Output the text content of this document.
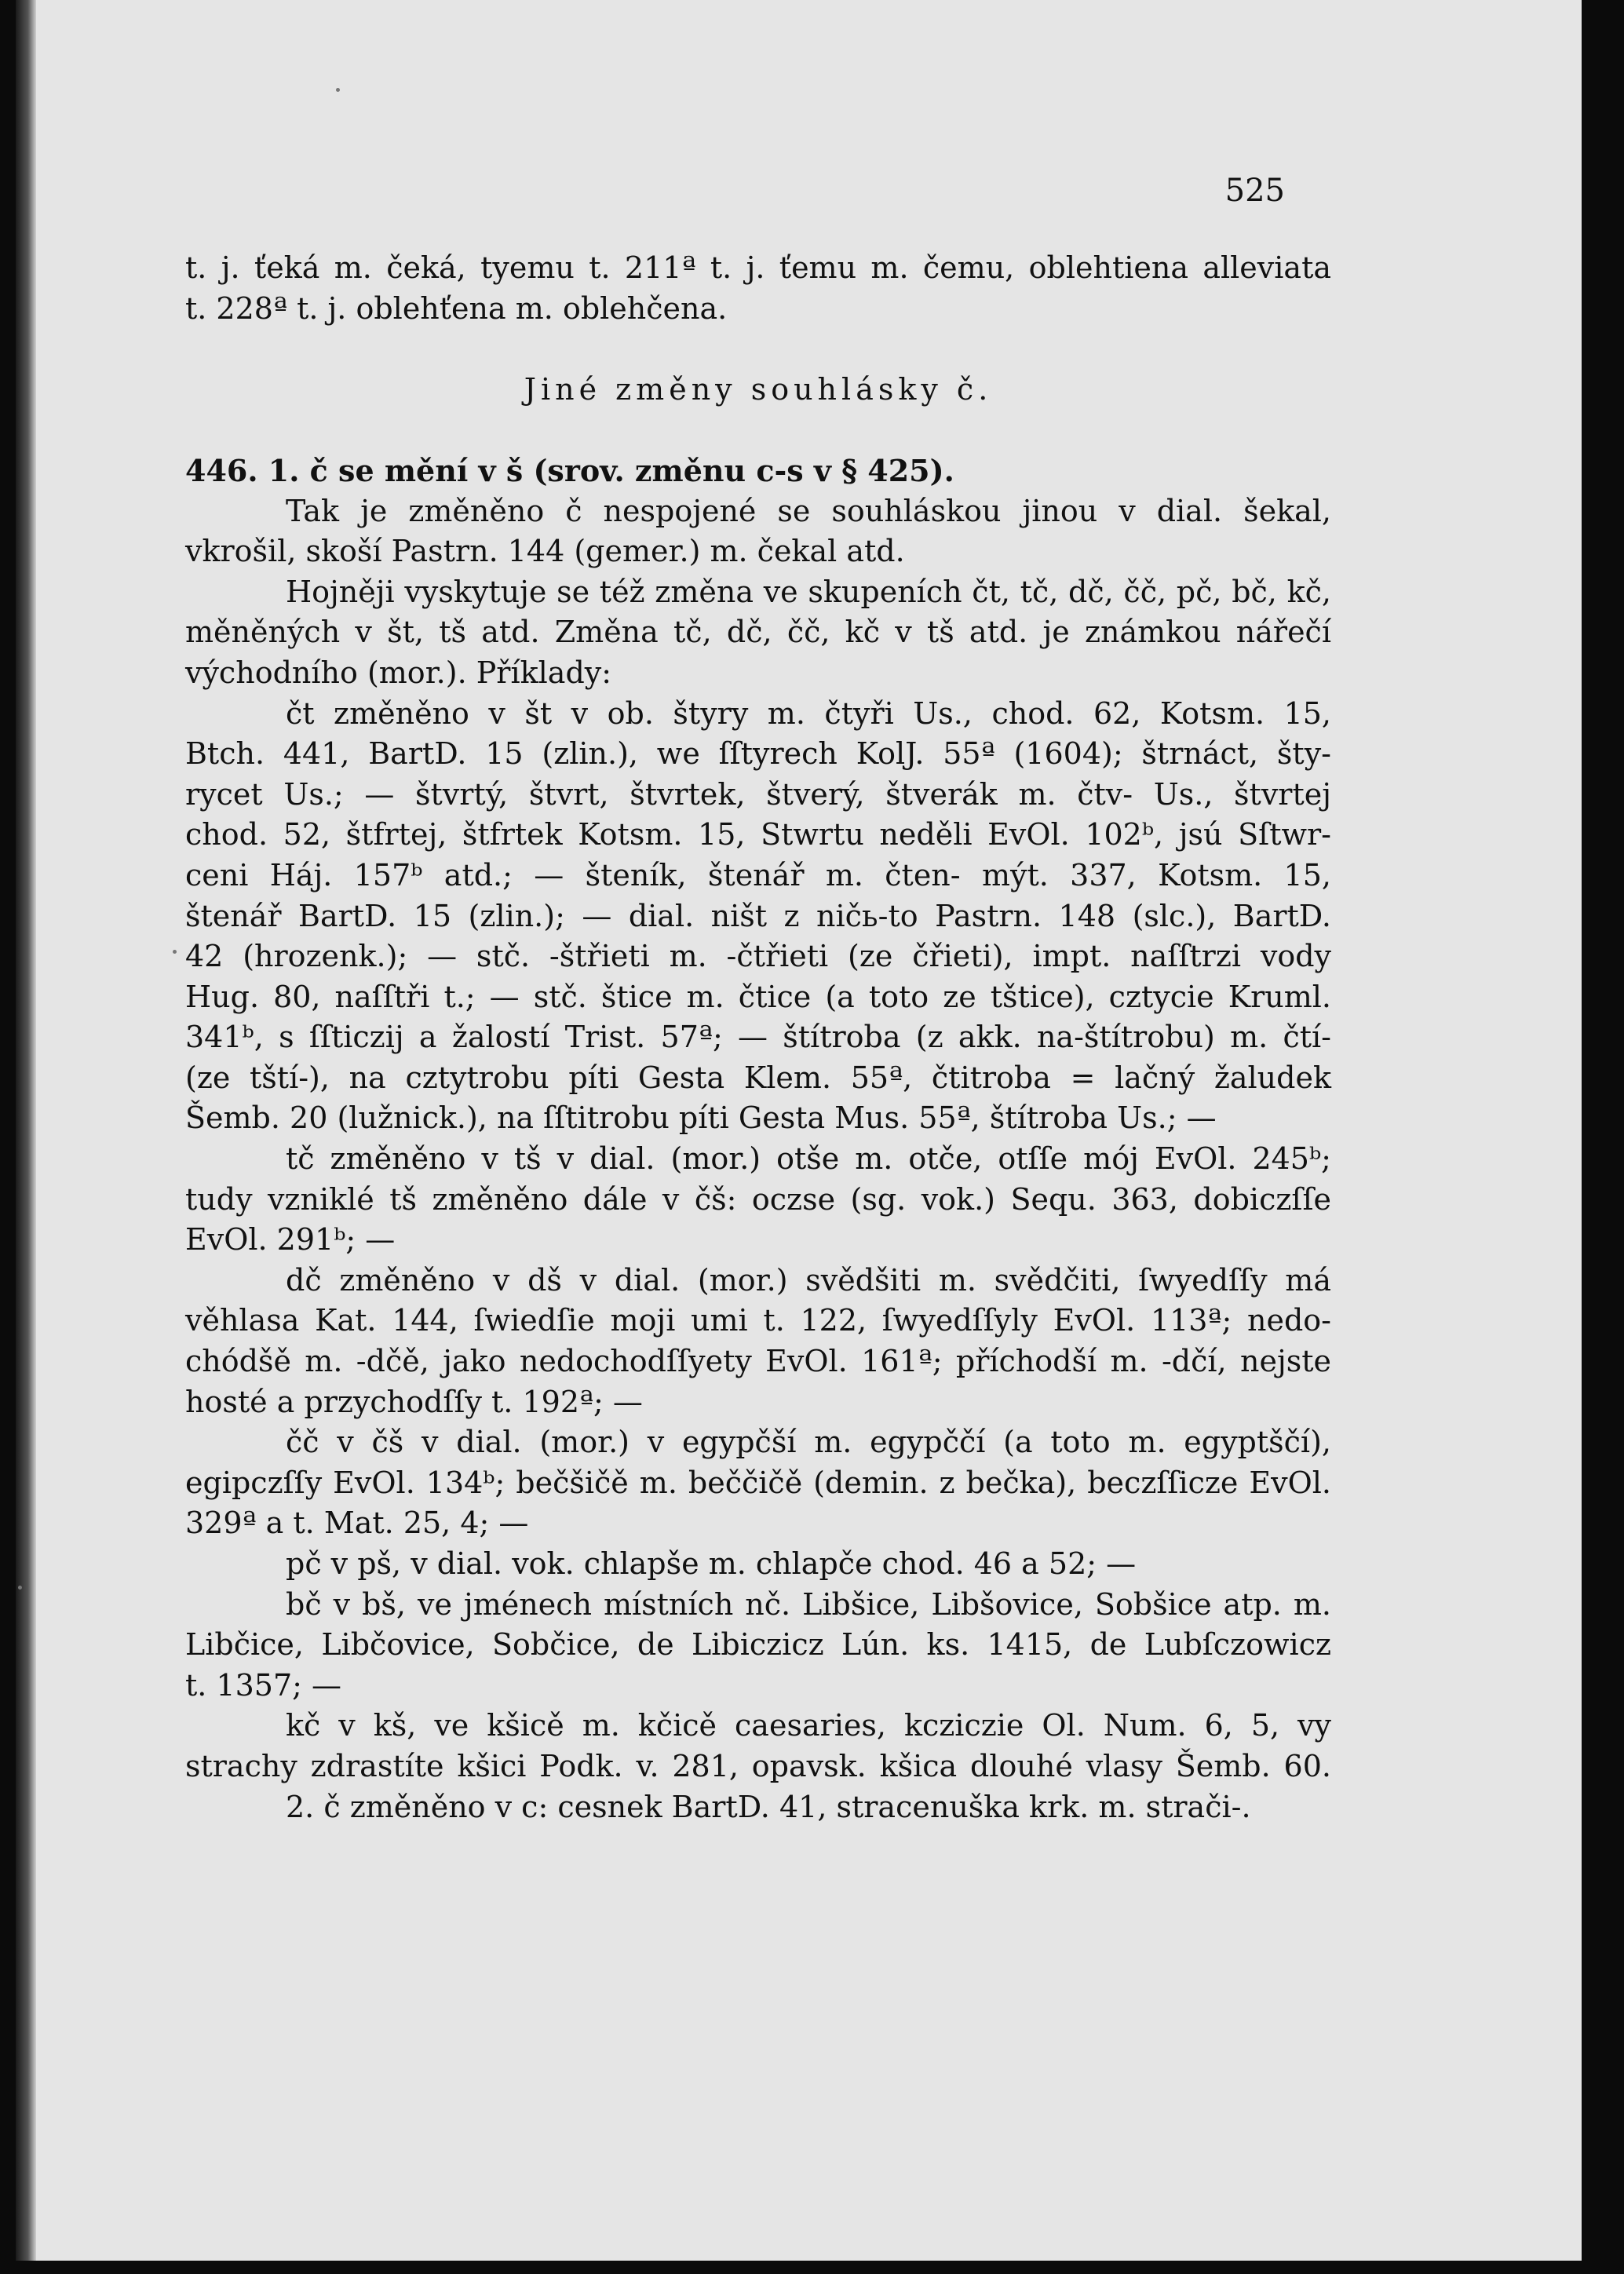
525
t. j. ťeká m. čeká, tyemu t. 211ª t. j. ťemu m. čemu, oblehtiena alleviata
t. 228ª t. j. oblehťena m. oblehčena.
Jiné změny souhlásky č.
446. 1. č se mění v š (srov. změnu c-s v § 425).
Tak je změněno č nespojené se souhláskou jinou v dial. šekal,
vkrošil, skoší Pastrn. 144 (gemer.) m. čekal atd.
Hojněji vyskytuje se též změna ve skupeních čt, tč, dč, čč, pč, bč, kč,
měněných v št, tš atd. Změna tč, dč, čč, kč v tš atd. je známkou nářečí
východního (mor.). Příklady:
čt změněno v št v ob. štyry m. čtyři Us., chod. 62, Kotsm. 15,
Btch. 441, BartD. 15 (zlin.), we ſſtyrech KolJ. 55ª (1604); štrnáct, šty-
rycet Us.; — štvrtý, štvrt, štvrtek, štverý, štverák m. čtv- Us., štvrtej
chod. 52, štfrtej, štfrtek Kotsm. 15, Stwrtu neděli EvOl. 102ᵇ, jsú Sſtwr-
ceni Háj. 157ᵇ atd.; — šteník, štenář m. čten- mýt. 337, Kotsm. 15,
štenář BartD. 15 (zlin.); — dial. ništ z ničь-to Pastrn. 148 (slc.), BartD.
42 (hrozenk.); — stč. -štřieti m. -čtřieti (ze čřieti), impt. naſſtrzi vody
Hug. 80, naſſtři t.; — stč. štice m. čtice (a toto ze tštice), cztycie Kruml.
341ᵇ, s ſſticzij a žalostí Trist. 57ª; — štítroba (z akk. na-štítrobu) m. čtí-
(ze tští-), na cztytrobu píti Gesta Klem. 55ª, čtitroba = lačný žaludek
Šemb. 20 (lužnick.), na ſſtitrobu píti Gesta Mus. 55ª, štítroba Us.; —
tč změněno v tš v dial. (mor.) otše m. otče, otſſe mój EvOl. 245ᵇ;
tudy vzniklé tš změněno dále v čš: oczse (sg. vok.) Sequ. 363, dobiczſſe
EvOl. 291ᵇ; —
dč změněno v dš v dial. (mor.) svědšiti m. svědčiti, ſwyedſſy má
věhlasa Kat. 144, ſwiedſie moji umi t. 122, ſwyedſſyly EvOl. 113ª; nedo-
chódšě m. -dčě, jako nedochodſſyety EvOl. 161ª; příchodší m. -dčí, nejste
hosté a przychodſſy t. 192ª; —
čč v čš v dial. (mor.) v egypčší m. egypččí (a toto m. egyptščí),
egipczſſy EvOl. 134ᵇ; bečšičě m. beččičě (demin. z bečka), beczſſicze EvOl.
329ª a t. Mat. 25, 4; —
pč v pš, v dial. vok. chlapše m. chlapče chod. 46 a 52; —
bč v bš, ve jménech místních nč. Libšice, Libšovice, Sobšice atp. m.
Libčice, Libčovice, Sobčice, de Libiczicz Lún. ks. 1415, de Lubſczowicz
t. 1357; —
kč v kš, ve kšicě m. kčicě caesaries, kcziczie Ol. Num. 6, 5, vy
strachy zdrastíte kšici Podk. v. 281, opavsk. kšica dlouhé vlasy Šemb. 60.
2. č změněno v c: cesnek BartD. 41, stracenuška krk. m. strači-.
